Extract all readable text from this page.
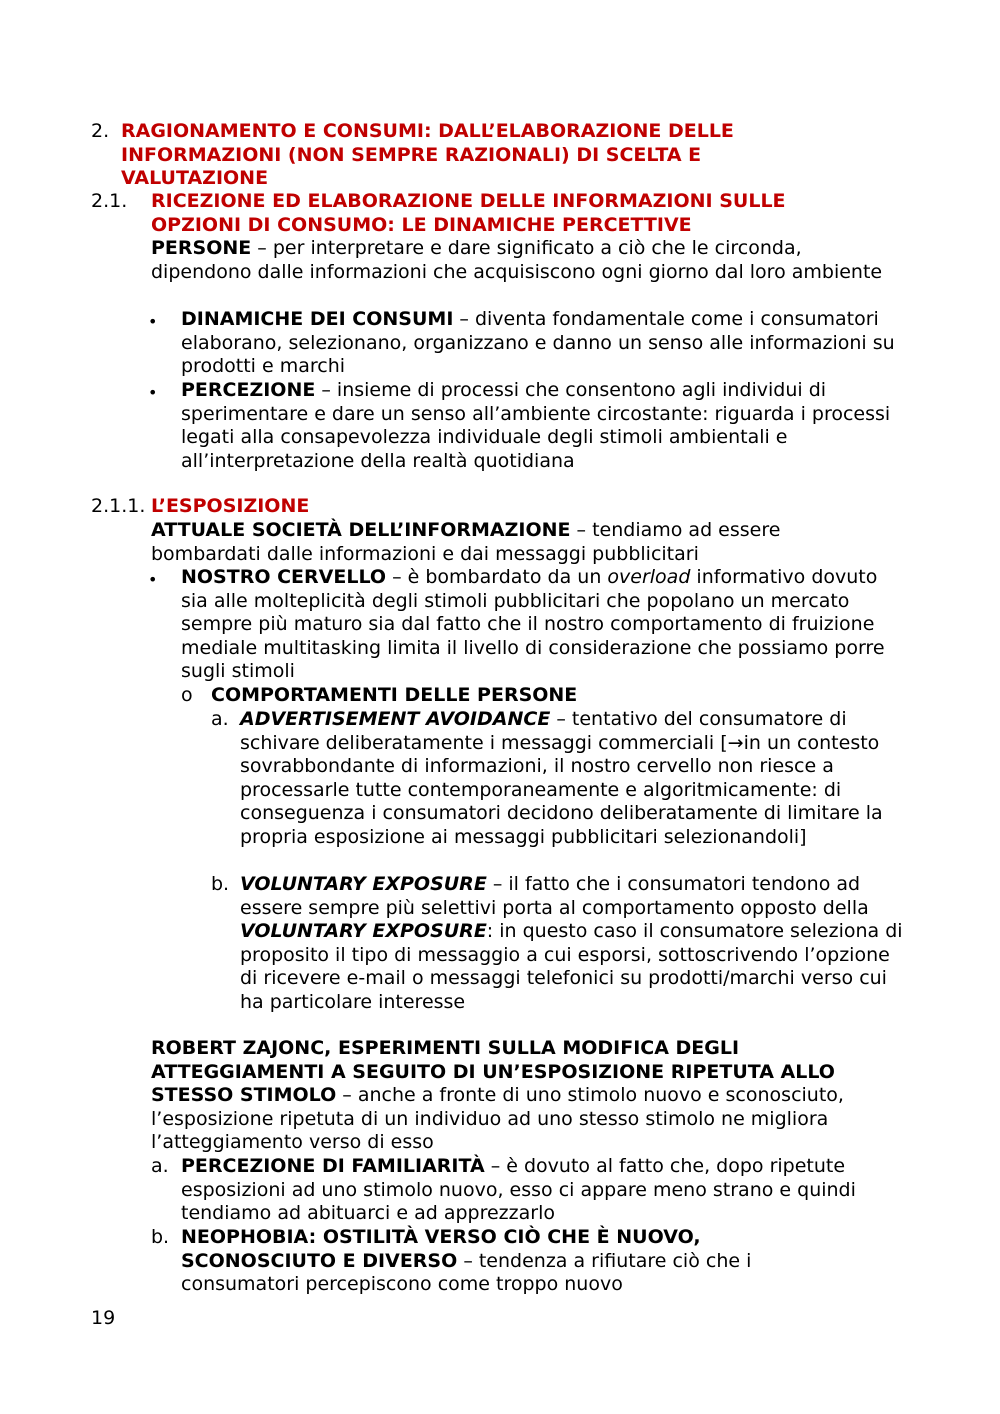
2. RAGIONAMENTO E CONSUMI: DALL’ELABORAZIONE DELLE INFORMAZIONI (NON SEMPRE RAZIONALI) DI SCELTA E VALUTAZIONE
2.1. RICEZIONE ED ELABORAZIONE DELLE INFORMAZIONI SULLE OPZIONI DI CONSUMO: LE DINAMICHE PERCETTIVE
PERSONE – per interpretare e dare significato a ciò che le circonda, dipendono dalle informazioni che acquisiscono ogni giorno dal loro ambiente
• DINAMICHE DEI CONSUMI – diventa fondamentale come i consumatori elaborano, selezionano, organizzano e danno un senso alle informazioni su prodotti e marchi
• PERCEZIONE – insieme di processi che consentono agli individui di sperimentare e dare un senso all’ambiente circostante: riguarda i processi legati alla consapevolezza individuale degli stimoli ambientali e all’interpretazione della realtà quotidiana
2.1.1. L’ESPOSIZIONE
ATTUALE SOCIETÀ DELL’INFORMAZIONE – tendiamo ad essere bombardati dalle informazioni e dai messaggi pubblicitari
• NOSTRO CERVELLO – è bombardato da un overload informativo dovuto sia alle molteplicità degli stimoli pubblicitari che popolano un mercato sempre più maturo sia dal fatto che il nostro comportamento di fruizione mediale multitasking limita il livello di considerazione che possiamo porre sugli stimoli
o COMPORTAMENTI DELLE PERSONE
a. ADVERTISEMENT AVOIDANCE – tentativo del consumatore di schivare deliberatamente i messaggi commerciali [→in un contesto sovrabbondante di informazioni, il nostro cervello non riesce a processarle tutte contemporaneamente e algoritmicamente: di conseguenza i consumatori decidono deliberatamente di limitare la propria esposizione ai messaggi pubblicitari selezionandoli]
b. VOLUNTARY EXPOSURE – il fatto che i consumatori tendono ad essere sempre più selettivi porta al comportamento opposto della VOLUNTARY EXPOSURE: in questo caso il consumatore seleziona di proposito il tipo di messaggio a cui esporsi, sottoscrivendo l’opzione di ricevere e-mail o messaggi telefonici su prodotti/marchi verso cui ha particolare interesse
ROBERT ZAJONC, ESPERIMENTI SULLA MODIFICA DEGLI ATTEGGIAMENTI A SEGUITO DI UN’ESPOSIZIONE RIPETUTA ALLO STESSO STIMOLO – anche a fronte di uno stimolo nuovo e sconosciuto, l’esposizione ripetuta di un individuo ad uno stesso stimolo ne migliora l’atteggiamento verso di esso
a. PERCEZIONE DI FAMILIARITÀ – è dovuto al fatto che, dopo ripetute esposizioni ad uno stimolo nuovo, esso ci appare meno strano e quindi tendiamo ad abituarci e ad apprezzarlo
b. NEOPHOBIA: OSTILITÀ VERSO CIÒ CHE È NUOVO, SCONOSCIUTO E DIVERSO – tendenza a rifiutare ciò che i consumatori percepiscono come troppo nuovo
19
